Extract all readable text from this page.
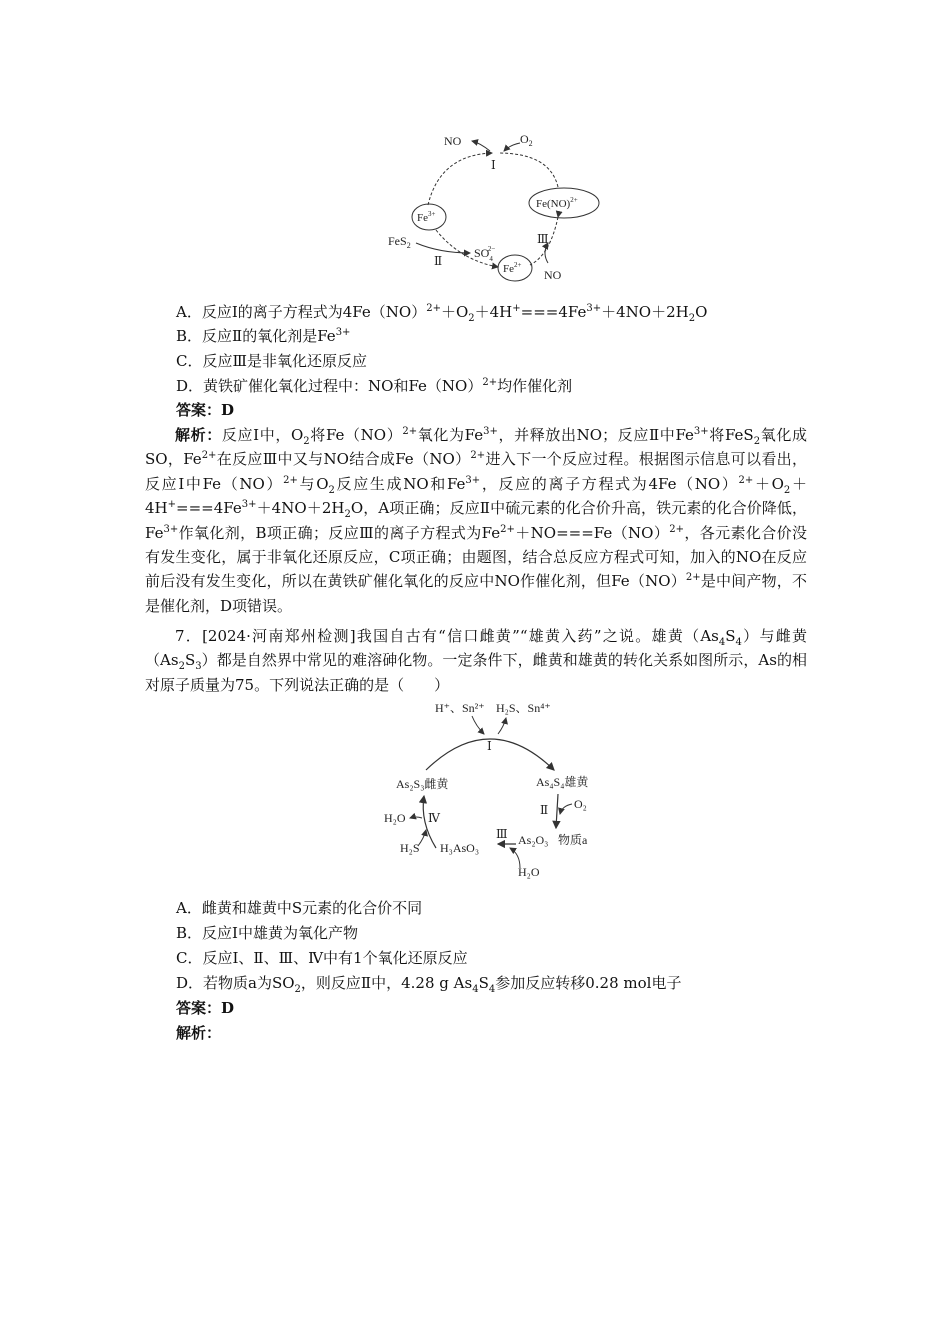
NO	$O_2$
Ⅰ
$Fe^{3+}$
Fe(NO)$^{2+}$
FeS$_2$
$SO_42-$
Ⅱ
Ⅲ
$Fe^{2+}$
NO
A．反应Ⅰ的离子方程式为$4Fe(NO)^{2+}+O_2+4H^+===4Fe^{3+}+4NO+2H_2O$
B．反应Ⅱ的氧化剂是$Fe^{3+}$
C．反应Ⅲ是非氧化还原反应
D．黄铁矿催化氧化过程中：NO和Fe（NO）$^{2+}$均作催化剂
答案：D

解析：反应Ⅰ中，$O_2$将Fe（NO）$^{2+}$氧化为$Fe^{3+}$，并释放出NO；反应Ⅱ中$Fe^{3+}$将FeS$_2$氧化成SO，$Fe^{2+}$在反应Ⅲ中又与NO结合成Fe（NO）$^{2+}$进入下一个反应过程。根据图示信息可以看出，反应Ⅰ中Fe（NO）$^{2+}$与$O_2$反应生成NO和$Fe^{3+}$，反应的离子方程式为$4Fe(NO)^{2+}+O_2+4H^+===4Fe^{3+}+4NO+2H_2O$，A项正确；反应Ⅱ中硫元素的化合价升高，铁元素的化合价降低，$Fe^{3+}$作氧化剂，B项正确；反应Ⅲ的离子方程式为$Fe^{2+}+NO===Fe(NO)^{2+}$，各元素化合价没有发生变化，属于非氧化还原反应，C项正确；由题图，结合总反应方程式可知，加入的NO在反应前后没有发生变化，所以在黄铁矿催化氧化的反应中NO作催化剂，但Fe（NO）$^{2+}$是中间产物，不是催化剂，D项错误。

7．[2024·河南郑州检测]我国自古有“信口雌黄”“雄黄入药”之说。雄黄$(As_4S_4)$与雌黄$(As_2S_3)$都是自然界中常见的难溶砷化物。一定条件下，雌黄和雄黄的转化关系如图所示，As的相对原子质量为75。下列说法正确的是（　　）

H⁺、Sn²⁺ H₂S、Sn⁴⁺
Ⅰ
As₂S₃雌黄	As₄S₄雄黄
Ⅱ O₂
As₂O₃ 物质a
Ⅲ
H₂O
H₃AsO₃
Ⅳ
H₂O
H₂S
A．雌黄和雄黄中S元素的化合价不同
B．反应Ⅰ中雄黄为氧化产物
C．反应Ⅰ、Ⅱ、Ⅲ、Ⅳ中有1个氧化还原反应
D．若物质a为$SO_2$，则反应Ⅱ中，4.28 g $As_4S_4$参加反应转移0.28 mol电子
答案：D
解析：
